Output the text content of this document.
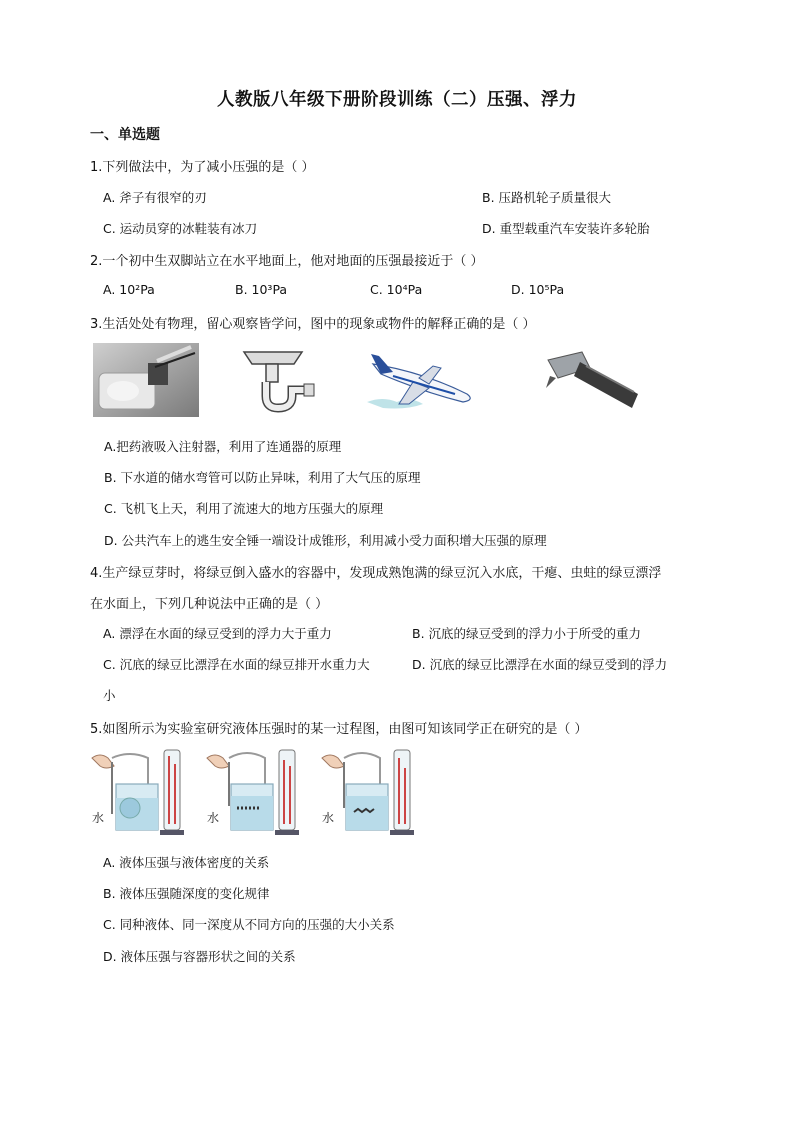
人教版八年级下册阶段训练（二）压强、浮力
一、单选题
1.下列做法中，为了减小压强的是（ ）
A. 斧子有很窄的刃	B. 压路机轮子质量很大
C. 运动员穿的冰鞋装有冰刀	D. 重型载重汽车安装许多轮胎
2.一个初中生双脚站立在水平地面上，他对地面的压强最接近于（ ）
A. 10²Pa	B. 10³Pa	C. 10⁴Pa	D. 10⁵Pa
3.生活处处有物理，留心观察皆学问，图中的现象或物件的解释正确的是（ ）
A.把药液吸入注射器，利用了连通器的原理
B. 下水道的储水弯管可以防止异味，利用了大气压的原理
C. 飞机飞上天，利用了流速大的地方压强大的原理
D. 公共汽车上的逃生安全锤一端设计成锥形，利用减小受力面积增大压强的原理
4.生产绿豆芽时，将绿豆倒入盛水的容器中，发现成熟饱满的绿豆沉入水底，干瘪、虫蛀的绿豆漂浮
在水面上，下列几种说法中正确的是（ ）
A. 漂浮在水面的绿豆受到的浮力大于重力	B. 沉底的绿豆受到的浮力小于所受的重力
C. 沉底的绿豆比漂浮在水面的绿豆排开水重力大	D. 沉底的绿豆比漂浮在水面的绿豆受到的浮力
小
5.如图所示为实验室研究液体压强时的某一过程图，由图可知该同学正在研究的是（ ）
水	水	水
A. 液体压强与液体密度的关系
B. 液体压强随深度的变化规律
C. 同种液体、同一深度从不同方向的压强的大小关系
D. 液体压强与容器形状之间的关系
